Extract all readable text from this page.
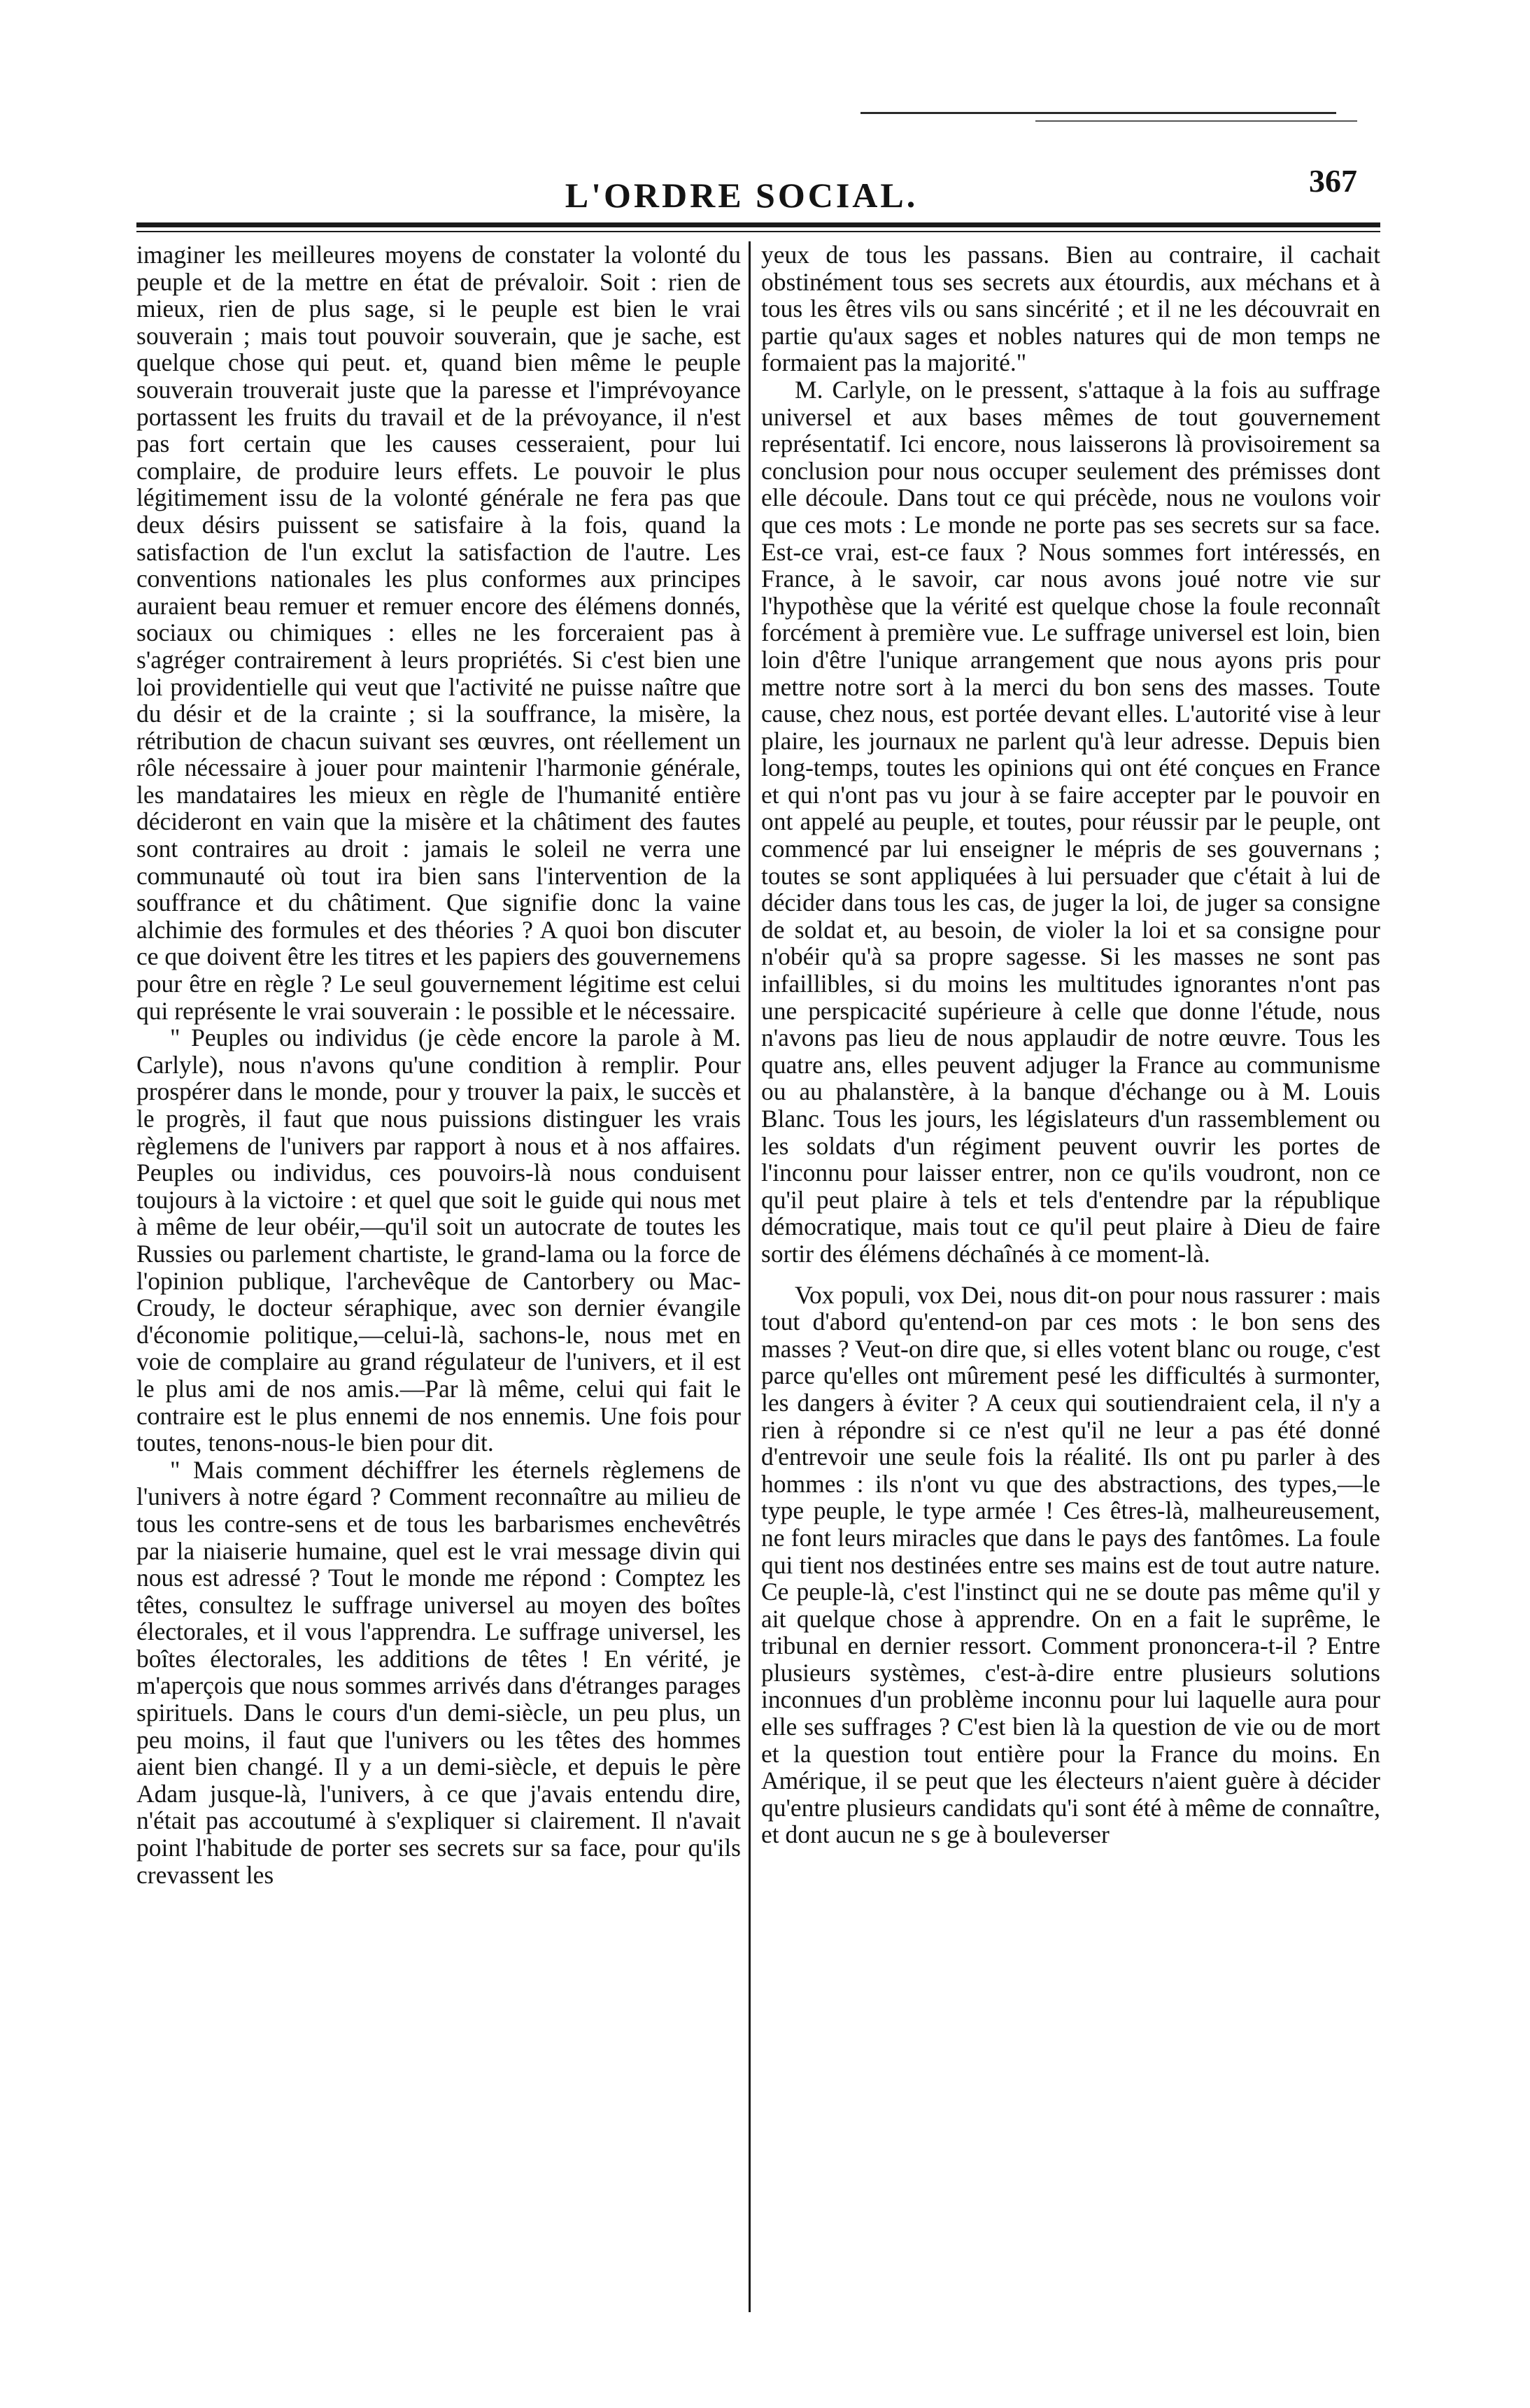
L'ORDRE SOCIAL.	367

imaginer les meilleures moyens de constater la volonté du peuple et de la mettre en état de prévaloir. Soit : rien de mieux, rien de plus sage, si le peuple est bien le vrai souverain ; mais tout pouvoir souverain, que je sache, est quelque chose qui peut. et, quand bien même le peuple souverain trouverait juste que la paresse et l'imprévoyance portassent les fruits du travail et de la prévoyance, il n'est pas fort certain que les causes cesseraient, pour lui complaire, de produire leurs effets. Le pouvoir le plus légitimement issu de la volonté générale ne fera pas que deux désirs puissent se satisfaire à la fois, quand la satisfaction de l'un exclut la satisfaction de l'autre. Les conventions nationales les plus conformes aux principes auraient beau remuer et remuer encore des élémens donnés, sociaux ou chimiques : elles ne les forceraient pas à s'agréger contrairement à leurs propriétés. Si c'est bien une loi providentielle qui veut que l'activité ne puisse naître que du désir et de la crainte ; si la souffrance, la misère, la rétribution de chacun suivant ses œuvres, ont réellement un rôle nécessaire à jouer pour maintenir l'harmonie générale, les mandataires les mieux en règle de l'humanité entière décideront en vain que la misère et la châtiment des fautes sont contraires au droit : jamais le soleil ne verra une communauté où tout ira bien sans l'intervention de la souffrance et du châtiment. Que signifie donc la vaine alchimie des formules et des théories ? A quoi bon discuter ce que doivent être les titres et les papiers des gouvernemens pour être en règle ? Le seul gouvernement légitime est celui qui représente le vrai souverain : le possible et le nécessaire.

" Peuples ou individus (je cède encore la parole à M. Carlyle), nous n'avons qu'une condition à remplir. Pour prospérer dans le monde, pour y trouver la paix, le succès et le progrès, il faut que nous puissions distinguer les vrais règlemens de l'univers par rapport à nous et à nos affaires. Peuples ou individus, ces pouvoirs-là nous conduisent toujours à la victoire : et quel que soit le guide qui nous met à même de leur obéir,—qu'il soit un autocrate de toutes les Russies ou parlement chartiste, le grand-lama ou la force de l'opinion publique, l'archevêque de Cantorbery ou Mac-Croudy, le docteur séraphique, avec son dernier évangile d'économie politique,—celui-là, sachons-le, nous met en voie de complaire au grand régulateur de l'univers, et il est le plus ami de nos amis.—Par là même, celui qui fait le contraire est le plus ennemi de nos ennemis. Une fois pour toutes, tenons-nous-le bien pour dit.

" Mais comment déchiffrer les éternels règlemens de l'univers à notre égard ? Comment reconnaître au milieu de tous les contre-sens et de tous les barbarismes enchevêtrés par la niaiserie humaine, quel est le vrai message divin qui nous est adressé ? Tout le monde me répond : Comptez les têtes, consultez le suffrage universel au moyen des boîtes électorales, et il vous l'apprendra. Le suffrage universel, les boîtes électorales, les additions de têtes ! En vérité, je m'aperçois que nous sommes arrivés dans d'étranges parages spirituels. Dans le cours d'un demi-siècle, un peu plus, un peu moins, il faut que l'univers ou les têtes des hommes aient bien changé. Il y a un demi-siècle, et depuis le père Adam jusque-là, l'univers, à ce que j'avais entendu dire, n'était pas accoutumé à s'expliquer si clairement. Il n'avait point l'habitude de porter ses secrets sur sa face, pour qu'ils crevassent les

yeux de tous les passans. Bien au contraire, il cachait obstinément tous ses secrets aux étourdis, aux méchans et à tous les êtres vils ou sans sincérité ; et il ne les découvrait en partie qu'aux sages et nobles natures qui de mon temps ne formaient pas la majorité."

M. Carlyle, on le pressent, s'attaque à la fois au suffrage universel et aux bases mêmes de tout gouvernement représentatif. Ici encore, nous laisserons là provisoirement sa conclusion pour nous occuper seulement des prémisses dont elle découle. Dans tout ce qui précède, nous ne voulons voir que ces mots : Le monde ne porte pas ses secrets sur sa face. Est-ce vrai, est-ce faux ? Nous sommes fort intéressés, en France, à le savoir, car nous avons joué notre vie sur l'hypothèse que la vérité est quelque chose la foule reconnaît forcément à première vue. Le suffrage universel est loin, bien loin d'être l'unique arrangement que nous ayons pris pour mettre notre sort à la merci du bon sens des masses. Toute cause, chez nous, est portée devant elles. L'autorité vise à leur plaire, les journaux ne parlent qu'à leur adresse. Depuis bien long-temps, toutes les opinions qui ont été conçues en France et qui n'ont pas vu jour à se faire accepter par le pouvoir en ont appelé au peuple, et toutes, pour réussir par le peuple, ont commencé par lui enseigner le mépris de ses gouvernans ; toutes se sont appliquées à lui persuader que c'était à lui de décider dans tous les cas, de juger la loi, de juger sa consigne de soldat et, au besoin, de violer la loi et sa consigne pour n'obéir qu'à sa propre sagesse. Si les masses ne sont pas infaillibles, si du moins les multitudes ignorantes n'ont pas une perspicacité supérieure à celle que donne l'étude, nous n'avons pas lieu de nous applaudir de notre œuvre. Tous les quatre ans, elles peuvent adjuger la France au communisme ou au phalanstère, à la banque d'échange ou à M. Louis Blanc. Tous les jours, les législateurs d'un rassemblement ou les soldats d'un régiment peuvent ouvrir les portes de l'inconnu pour laisser entrer, non ce qu'ils voudront, non ce qu'il peut plaire à tels et tels d'entendre par la république démocratique, mais tout ce qu'il peut plaire à Dieu de faire sortir des élémens déchaînés à ce moment-là.

Vox populi, vox Dei, nous dit-on pour nous rassurer : mais tout d'abord qu'entend-on par ces mots : le bon sens des masses ? Veut-on dire que, si elles votent blanc ou rouge, c'est parce qu'elles ont mûrement pesé les difficultés à surmonter, les dangers à éviter ? A ceux qui soutiendraient cela, il n'y a rien à répondre si ce n'est qu'il ne leur a pas été donné d'entrevoir une seule fois la réalité. Ils ont pu parler à des hommes : ils n'ont vu que des abstractions, des types,—le type peuple, le type armée ! Ces êtres-là, malheureusement, ne font leurs miracles que dans le pays des fantômes. La foule qui tient nos destinées entre ses mains est de tout autre nature. Ce peuple-là, c'est l'instinct qui ne se doute pas même qu'il y ait quelque chose à apprendre. On en a fait le suprême, le tribunal en dernier ressort. Comment prononcera-t-il ? Entre plusieurs systèmes, c'est-à-dire entre plusieurs solutions inconnues d'un problème inconnu pour lui laquelle aura pour elle ses suffrages ? C'est bien là la question de vie ou de mort et la question tout entière pour la France du moins. En Amérique, il se peut que les électeurs n'aient guère à décider qu'entre plusieurs candidats qu'i sont été à même de connaître, et dont aucun ne s ge à bouleverser
